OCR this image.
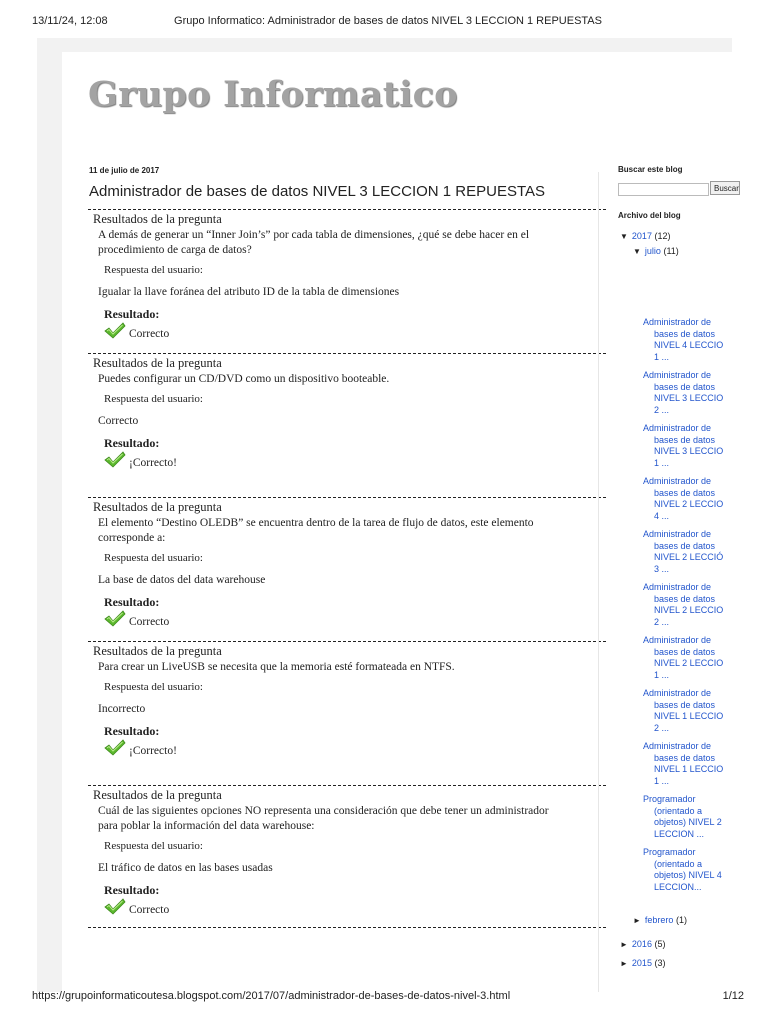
13/11/24, 12:08	Grupo Informatico: Administrador de bases de datos NIVEL 3 LECCION 1 REPUESTAS
Grupo Informatico
11 de julio de 2017
Administrador de bases de datos NIVEL 3 LECCION 1 REPUESTAS
Resultados de la pregunta
A demás de generar un “Inner Join’s” por cada tabla de dimensiones, ¿qué se debe hacer en el
procedimiento de carga de datos?
Respuesta del usuario:
Igualar la llave foránea del atributo ID de la tabla de dimensiones
Resultado:
Correcto
Resultados de la pregunta
Puedes configurar un CD/DVD como un dispositivo booteable.
Respuesta del usuario:
Correcto
Resultado:
¡Correcto!
Resultados de la pregunta
El elemento “Destino OLEDB” se encuentra dentro de la tarea de flujo de datos, este elemento
corresponde a:
Respuesta del usuario:
La base de datos del data warehouse
Resultado:
Correcto
Resultados de la pregunta
Para crear un LiveUSB se necesita que la memoria esté formateada en NTFS.
Respuesta del usuario:
Incorrecto
Resultado:
¡Correcto!
Resultados de la pregunta
Cuál de las siguientes opciones NO representa una consideración que debe tener un administrador
para poblar la información del data warehouse:
Respuesta del usuario:
El tráfico de datos en las bases usadas
Resultado:
Correcto
Buscar este blog
Buscar
Archivo del blog
▼ 2017 (12)
▼ julio (11)
Administrador de
bases de datos
NIVEL 4 LECCIO
1 ...
Administrador de
bases de datos
NIVEL 3 LECCIO
2 ...
Administrador de
bases de datos
NIVEL 3 LECCIO
1 ...
Administrador de
bases de datos
NIVEL 2 LECCIO
4 ...
Administrador de
bases de datos
NIVEL 2 LECCIÓ
3 ...
Administrador de
bases de datos
NIVEL 2 LECCIO
2 ...
Administrador de
bases de datos
NIVEL 2 LECCIO
1 ...
Administrador de
bases de datos
NIVEL 1 LECCIO
2 ...
Administrador de
bases de datos
NIVEL 1 LECCIO
1 ...
Programador
(orientado a
objetos) NIVEL 2
LECCION ...
Programador
(orientado a
objetos) NIVEL 4
LECCION...
► febrero (1)
► 2016 (5)
► 2015 (3)
https://grupoinformaticoutesa.blogspot.com/2017/07/administrador-de-bases-de-datos-nivel-3.html	1/12
